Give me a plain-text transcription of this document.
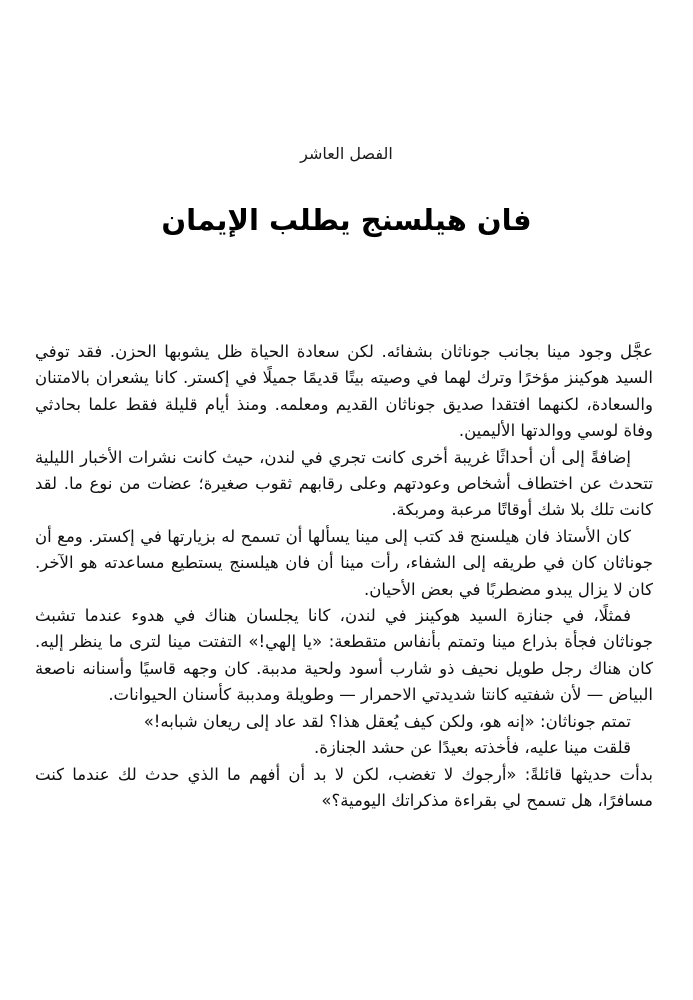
الفصل العاشر
فان هيلسنج يطلب الإيمان

عجَّل وجود مينا بجانب جوناثان بشفائه. لكن سعادة الحياة ظل يشوبها الحزن. فقد توفي السيد هوكينز مؤخرًا وترك لهما في وصيته بيتًا قديمًا جميلًا في إكستر. كانا يشعران بالامتنان والسعادة، لكنهما افتقدا صديق جوناثان القديم ومعلمه. ومنذ أيام قليلة فقط علما بحادثي وفاة لوسي ووالدتها الأليمين.

إضافةً إلى أن أحداثًا غريبة أخرى كانت تجري في لندن، حيث كانت نشرات الأخبار الليلية تتحدث عن اختطاف أشخاص وعودتهم وعلى رقابهم ثقوب صغيرة؛ عضات من نوع ما. لقد كانت تلك بلا شك أوقاتًا مرعبة ومربكة.

كان الأستاذ فان هيلسنج قد كتب إلى مينا يسألها أن تسمح له بزيارتها في إكستر. ومع أن جوناثان كان في طريقه إلى الشفاء، رأت مينا أن فان هيلسنج يستطيع مساعدته هو الآخر. كان لا يزال يبدو مضطربًا في بعض الأحيان.

فمثلًا، في جنازة السيد هوكينز في لندن، كانا يجلسان هناك في هدوء عندما تشبث جوناثان فجأة بذراع مينا وتمتم بأنفاس متقطعة: «يا إلهي!» التفتت مينا لترى ما ينظر إليه. كان هناك رجل طويل نحيف ذو شارب أسود ولحية مدببة. كان وجهه قاسيًا وأسنانه ناصعة البياض — لأن شفتيه كانتا شديدتي الاحمرار — وطويلة ومدببة كأسنان الحيوانات.

تمتم جوناثان: «إنه هو، ولكن كيف يُعقل هذا؟ لقد عاد إلى ريعان شبابه!»

قلقت مينا عليه، فأخذته بعيدًا عن حشد الجنازة.

بدأت حديثها قائلةً: «أرجوك لا تغضب، لكن لا بد أن أفهم ما الذي حدث لك عندما كنت مسافرًا، هل تسمح لي بقراءة مذكراتك اليومية؟»
